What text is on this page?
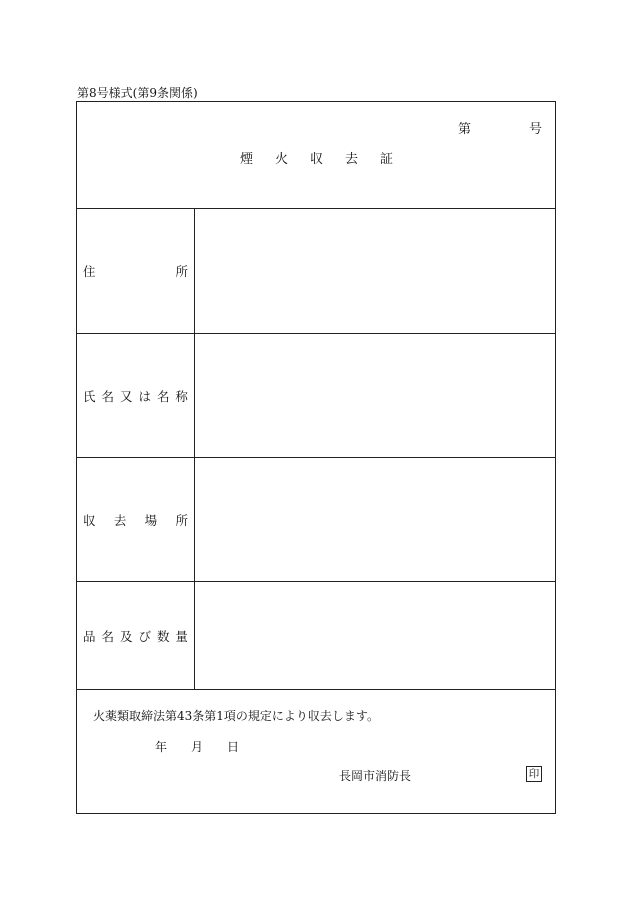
第8号様式(第9条関係)
第	号
煙	火	収	去	証
住	所
氏 名 又 は 名 称
収 去 場 所
品 名 及 び 数 量
火薬類取締法第43条第1項の規定により収去します。
年	月	日
長岡市消防長	印
